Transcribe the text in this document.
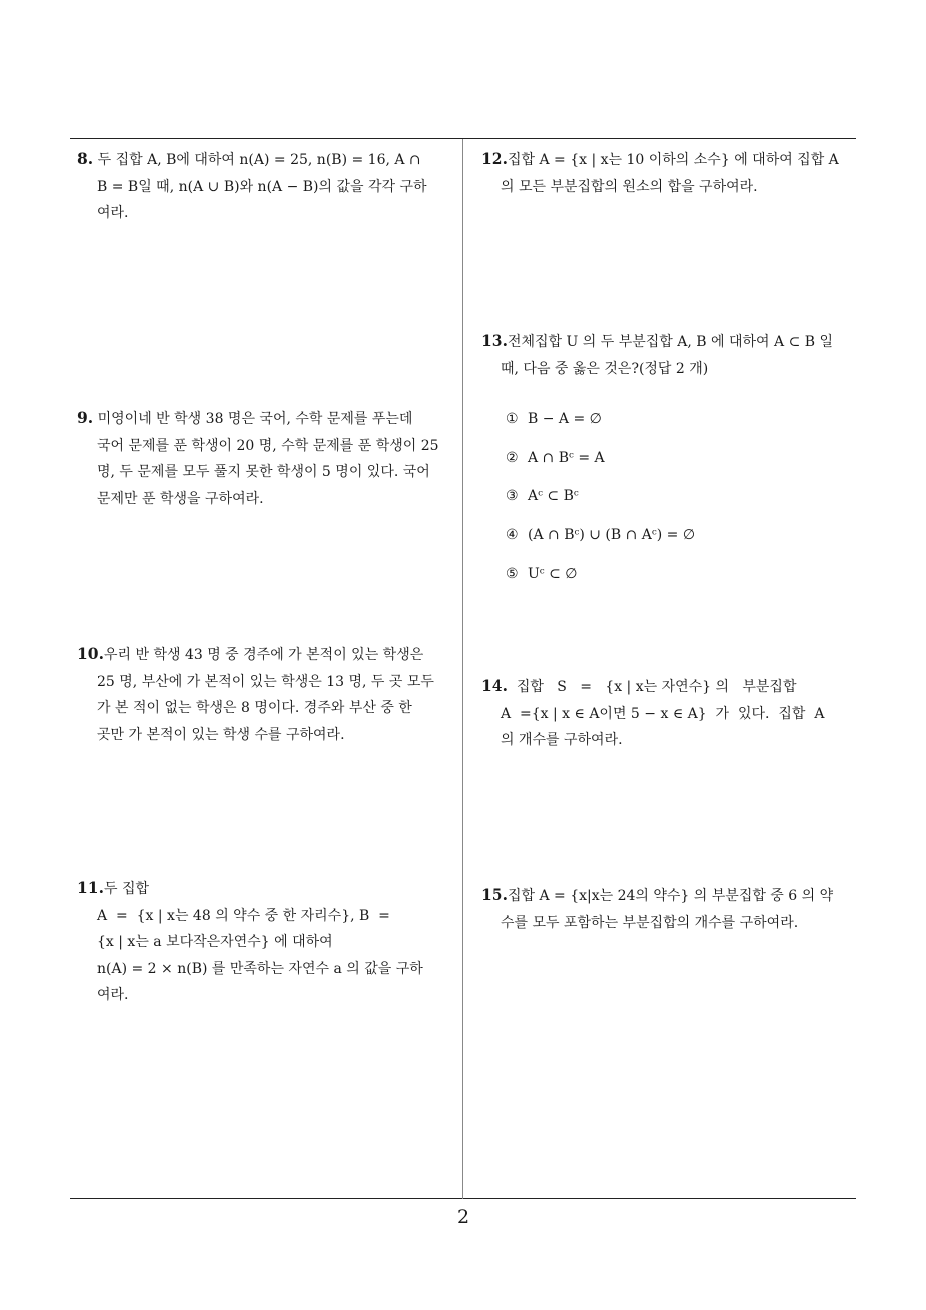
8. 두 집합 A, B에 대하여 n(A) = 25, n(B) = 16, A ∩
B = B일 때, n(A ∪ B)와 n(A − B)의 값을 각각 구하
여라.
9. 미영이네 반 학생 38 명은 국어, 수학 문제를 푸는데
국어 문제를 푼 학생이 20 명, 수학 문제를 푼 학생이 25
명, 두 문제를 모두 풀지 못한 학생이 5 명이 있다. 국어
문제만 푼 학생을 구하여라.
10.우리 반 학생 43 명 중 경주에 가 본적이 있는 학생은
25 명, 부산에 가 본적이 있는 학생은 13 명, 두 곳 모두
가 본 적이 없는 학생은 8 명이다. 경주와 부산 중 한
곳만 가 본적이 있는 학생 수를 구하여라.
11.두 집합
A  =  {x | x는 48 의 약수 중 한 자리수}, B  =
{x | x는 a 보다작은자연수} 에 대하여
n(A) = 2 × n(B) 를 만족하는 자연수 a 의 값을 구하
여라.
12.집합 A = {x | x는 10 이하의 소수} 에 대하여 집합 A
의 모든 부분집합의 원소의 합을 구하여라.
13.전체집합 U 의 두 부분집합 A, B 에 대하여 A ⊂ B 일
때, 다음 중 옳은 것은?(정답 2 개)
① B − A = ∅
② A ∩ Bᶜ = A
③ Aᶜ ⊂ Bᶜ
④ (A ∩ Bᶜ) ∪ (B ∩ Aᶜ) = ∅
⑤ Uᶜ ⊂ ∅
14.  집합   S   =   {x | x는 자연수} 의   부분집합
A  ={x | x ∈ A이면 5 − x ∈ A}  가  있다.  집합  A
의 개수를 구하여라.
15.집합 A = {x|x는 24의 약수} 의 부분집합 중 6 의 약
수를 모두 포함하는 부분집합의 개수를 구하여라.
2
